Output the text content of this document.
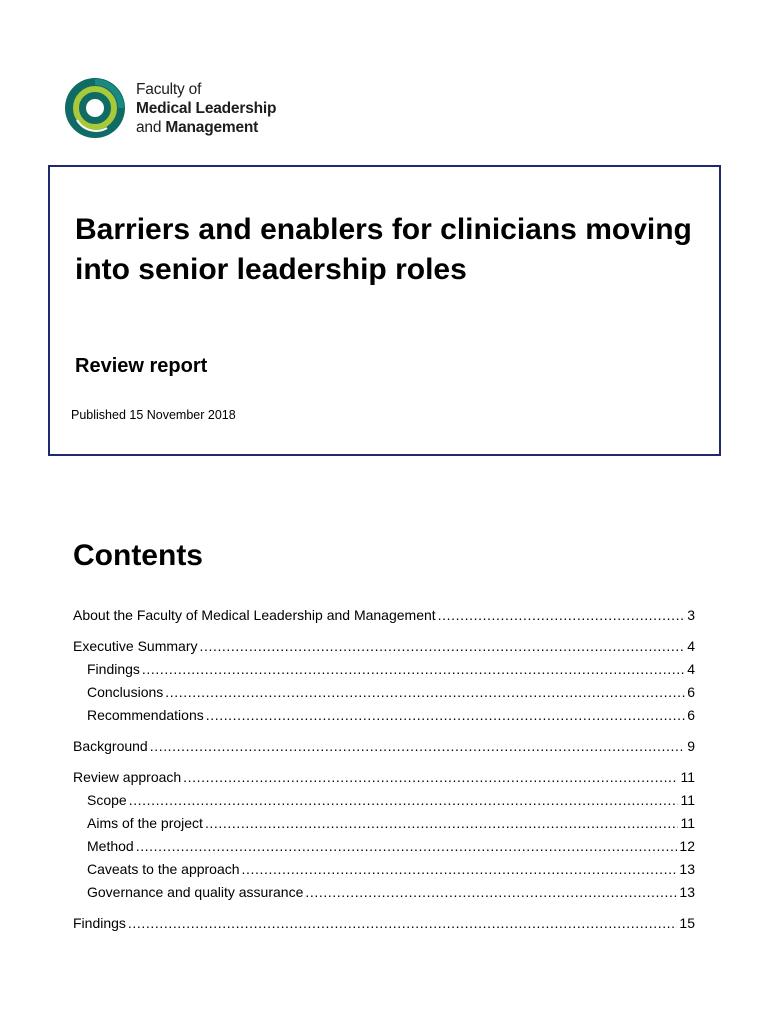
Faculty of
Medical Leadership
and Management
Barriers and enablers for clinicians moving into senior leadership roles
Review report

Published 15 November 2018

Contents
About the Faculty of Medical Leadership and Management .....	3
Executive Summary .....	4
Findings .....	4
Conclusions .....	6
Recommendations .....	6
Background .....	9
Review approach .....	11
Scope .....	11
Aims of the project .....	11
Method .....	12
Caveats to the approach .....	13
Governance and quality assurance .....	13
Findings .....	15
